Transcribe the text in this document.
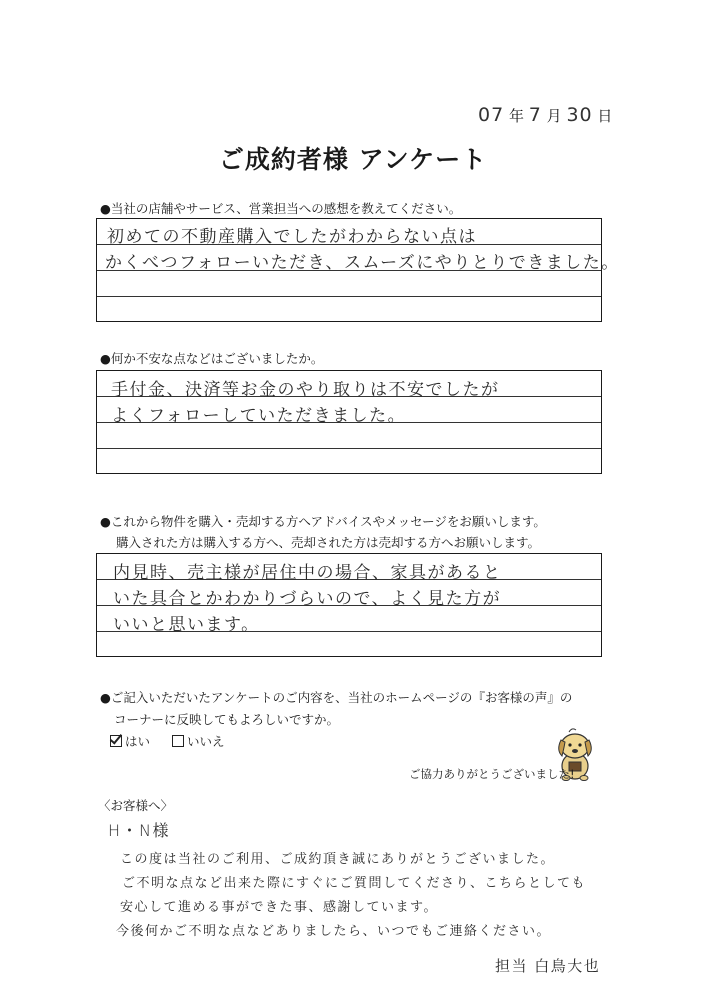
07 年 7 月 30 日
ご成約者様 アンケート
●当社の店舗やサービス、営業担当への感想を教えてください。
初めての不動産購入でしたがわからない点は
かくべつフォローいただき、スムーズにやりとりできました。
●何か不安な点などはございましたか。
手付金、決済等お金のやり取りは不安でしたが
よくフォローしていただきました。
●これから物件を購入・売却する方へアドバイスやメッセージをお願いします。
購入された方は購入する方へ、売却された方は売却する方へお願いします。
内見時、売主様が居住中の場合、家具があると
いた具合とかわかりづらいので、よく見た方が
いいと思います。
●ご記入いただいたアンケートのご内容を、当社のホームページの『お客様の声』の
コーナーに反映してもよろしいですか。
はい	いいえ
ご協力ありがとうございました!
〈お客様へ〉
H・N様
この度は当社のご利用、ご成約頂き誠にありがとうございました。
ご不明な点など出来た際にすぐにご質問してくださり、こちらとしても
安心して進める事ができた事、感謝しています。
今後何かご不明な点などありましたら、いつでもご連絡ください。
担当 白鳥大也
